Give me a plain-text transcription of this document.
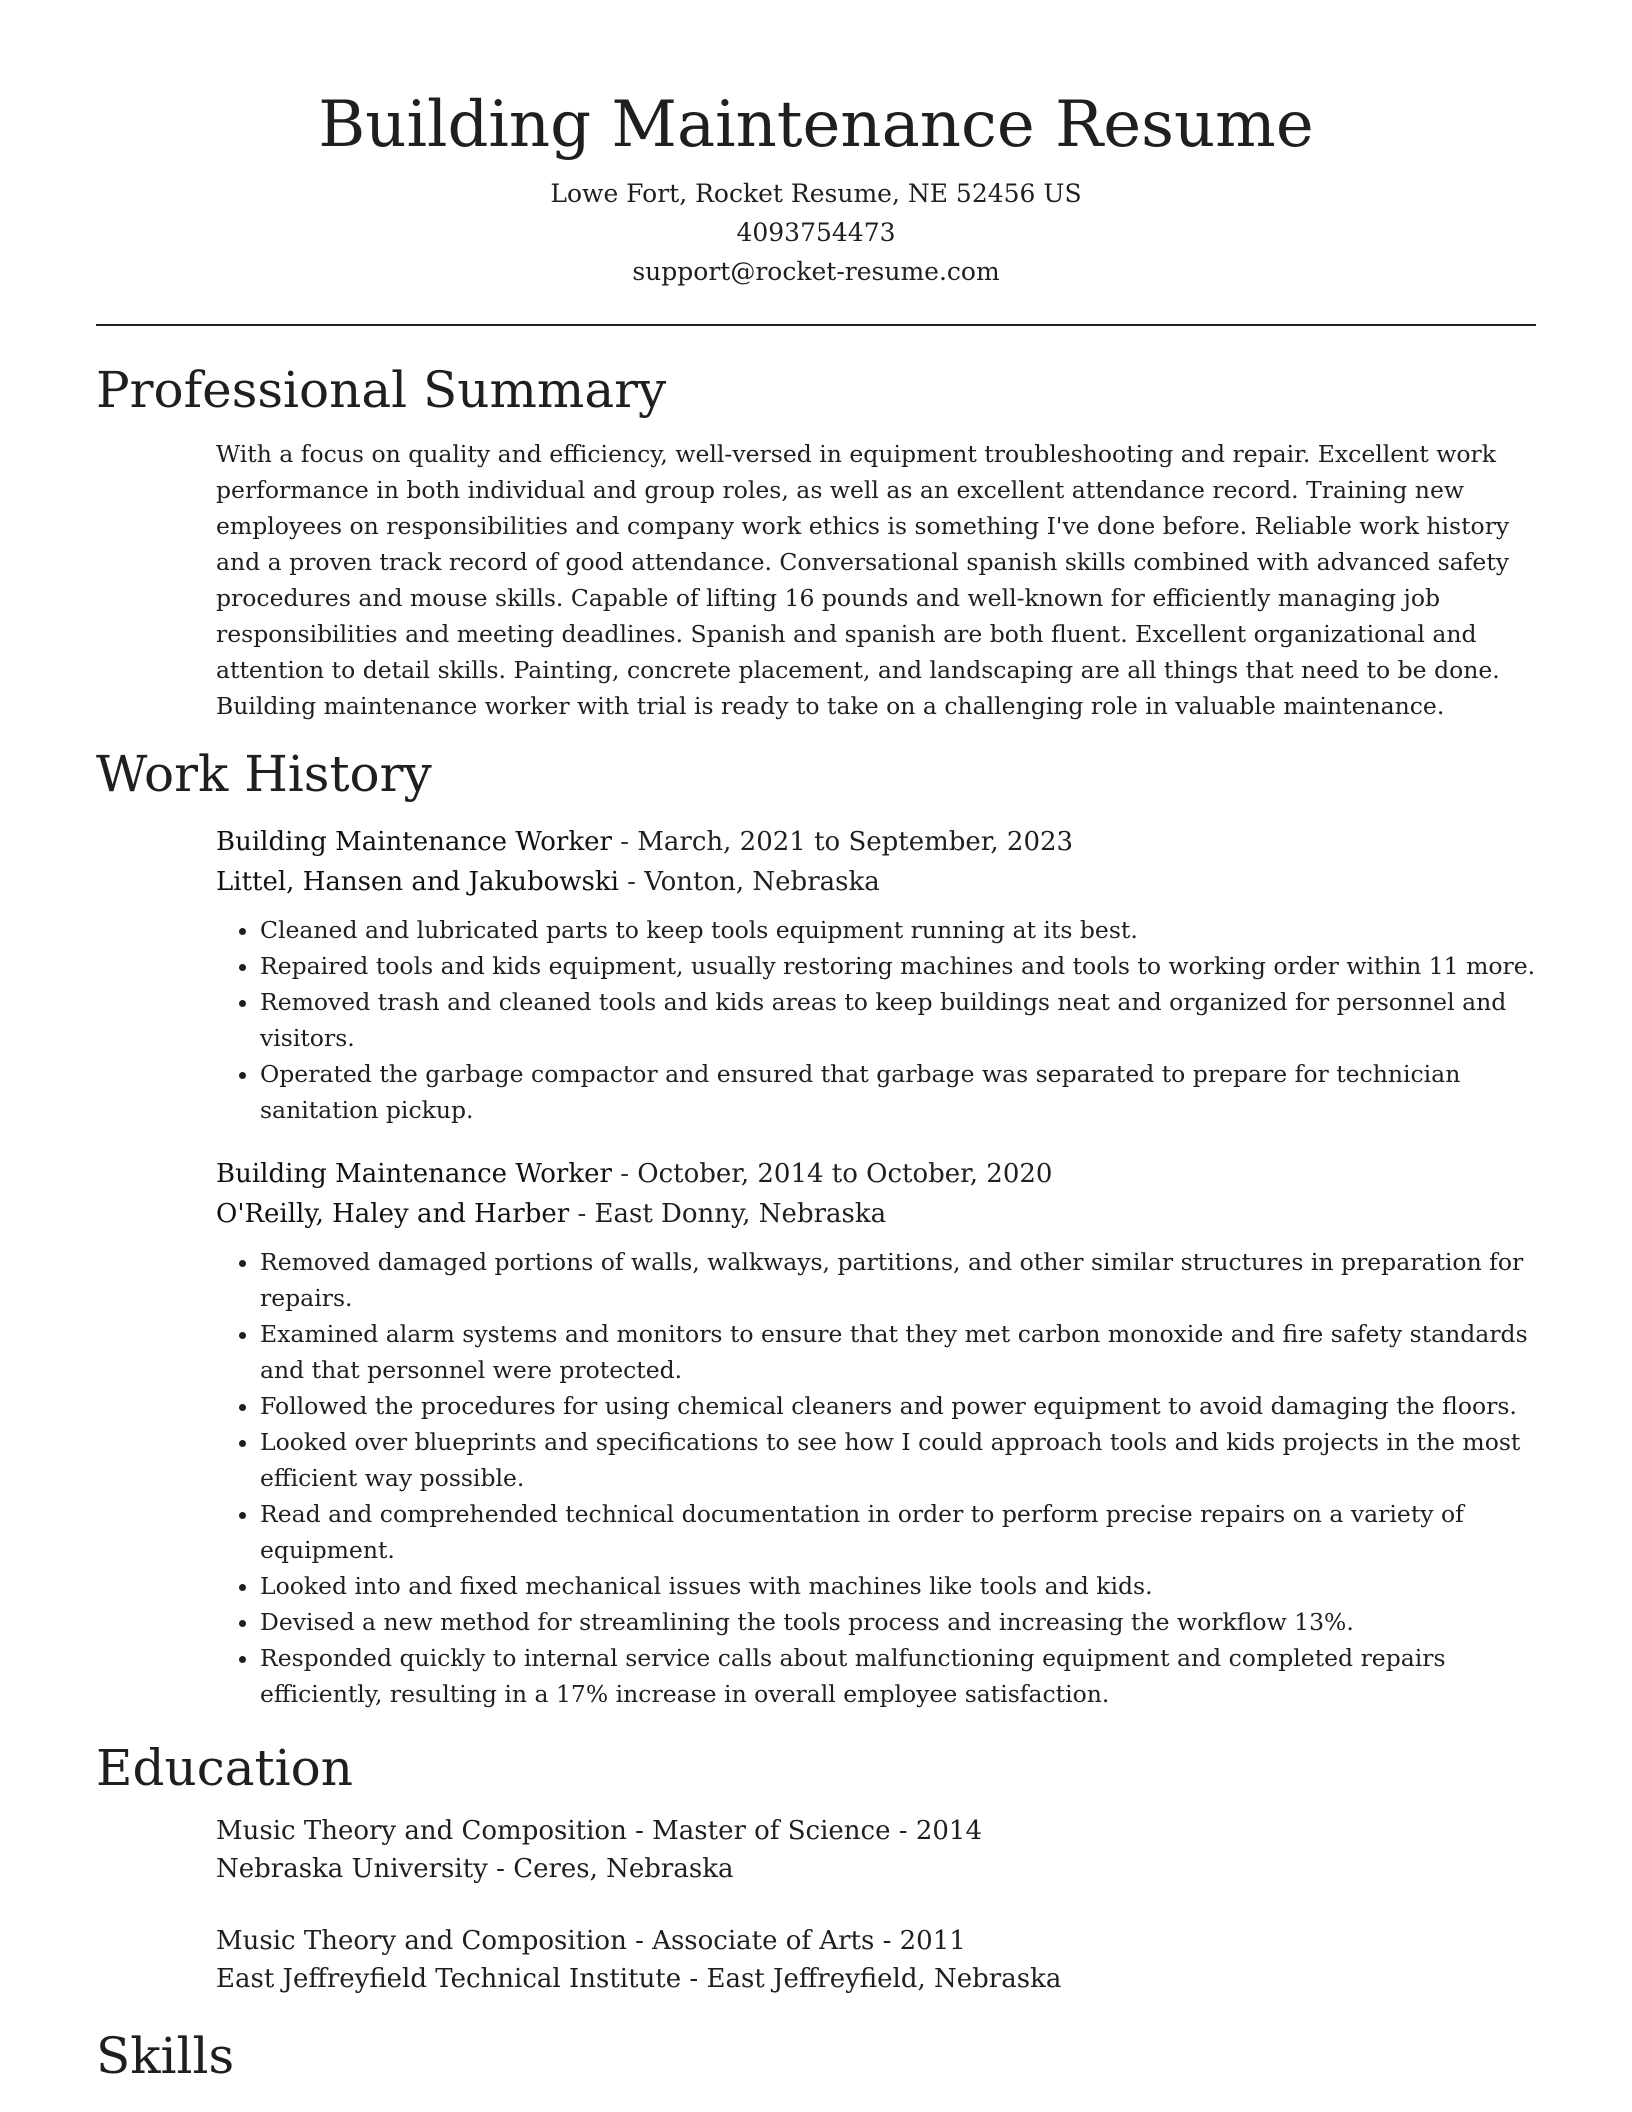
Building Maintenance Resume
Lowe Fort, Rocket Resume, NE 52456 US
4093754473
support@rocket-resume.com
Professional Summary

With a focus on quality and efficiency, well-versed in equipment troubleshooting and repair. Excellent work performance in both individual and group roles, as well as an excellent attendance record. Training new employees on responsibilities and company work ethics is something I've done before. Reliable work history and a proven track record of good attendance. Conversational spanish skills combined with advanced safety procedures and mouse skills. Capable of lifting 16 pounds and well-known for efficiently managing job responsibilities and meeting deadlines. Spanish and spanish are both fluent. Excellent organizational and attention to detail skills. Painting, concrete placement, and landscaping are all things that need to be done. Building maintenance worker with trial is ready to take on a challenging role in valuable maintenance.

Work History
Building Maintenance Worker - March, 2021 to September, 2023
Littel, Hansen and Jakubowski - Vonton, Nebraska
• Cleaned and lubricated parts to keep tools equipment running at its best.
• Repaired tools and kids equipment, usually restoring machines and tools to working order within 11 more.
• Removed trash and cleaned tools and kids areas to keep buildings neat and organized for personnel and visitors.
• Operated the garbage compactor and ensured that garbage was separated to prepare for technician sanitation pickup.
Building Maintenance Worker - October, 2014 to October, 2020
O'Reilly, Haley and Harber - East Donny, Nebraska
• Removed damaged portions of walls, walkways, partitions, and other similar structures in preparation for repairs.
• Examined alarm systems and monitors to ensure that they met carbon monoxide and fire safety standards and that personnel were protected.
• Followed the procedures for using chemical cleaners and power equipment to avoid damaging the floors.
• Looked over blueprints and specifications to see how I could approach tools and kids projects in the most efficient way possible.
• Read and comprehended technical documentation in order to perform precise repairs on a variety of equipment.
• Looked into and fixed mechanical issues with machines like tools and kids.
• Devised a new method for streamlining the tools process and increasing the workflow 13%.
• Responded quickly to internal service calls about malfunctioning equipment and completed repairs efficiently, resulting in a 17% increase in overall employee satisfaction.
Education
Music Theory and Composition - Master of Science - 2014
Nebraska University - Ceres, Nebraska
Music Theory and Composition - Associate of Arts - 2011
East Jeffreyfield Technical Institute - East Jeffreyfield, Nebraska
Skills
